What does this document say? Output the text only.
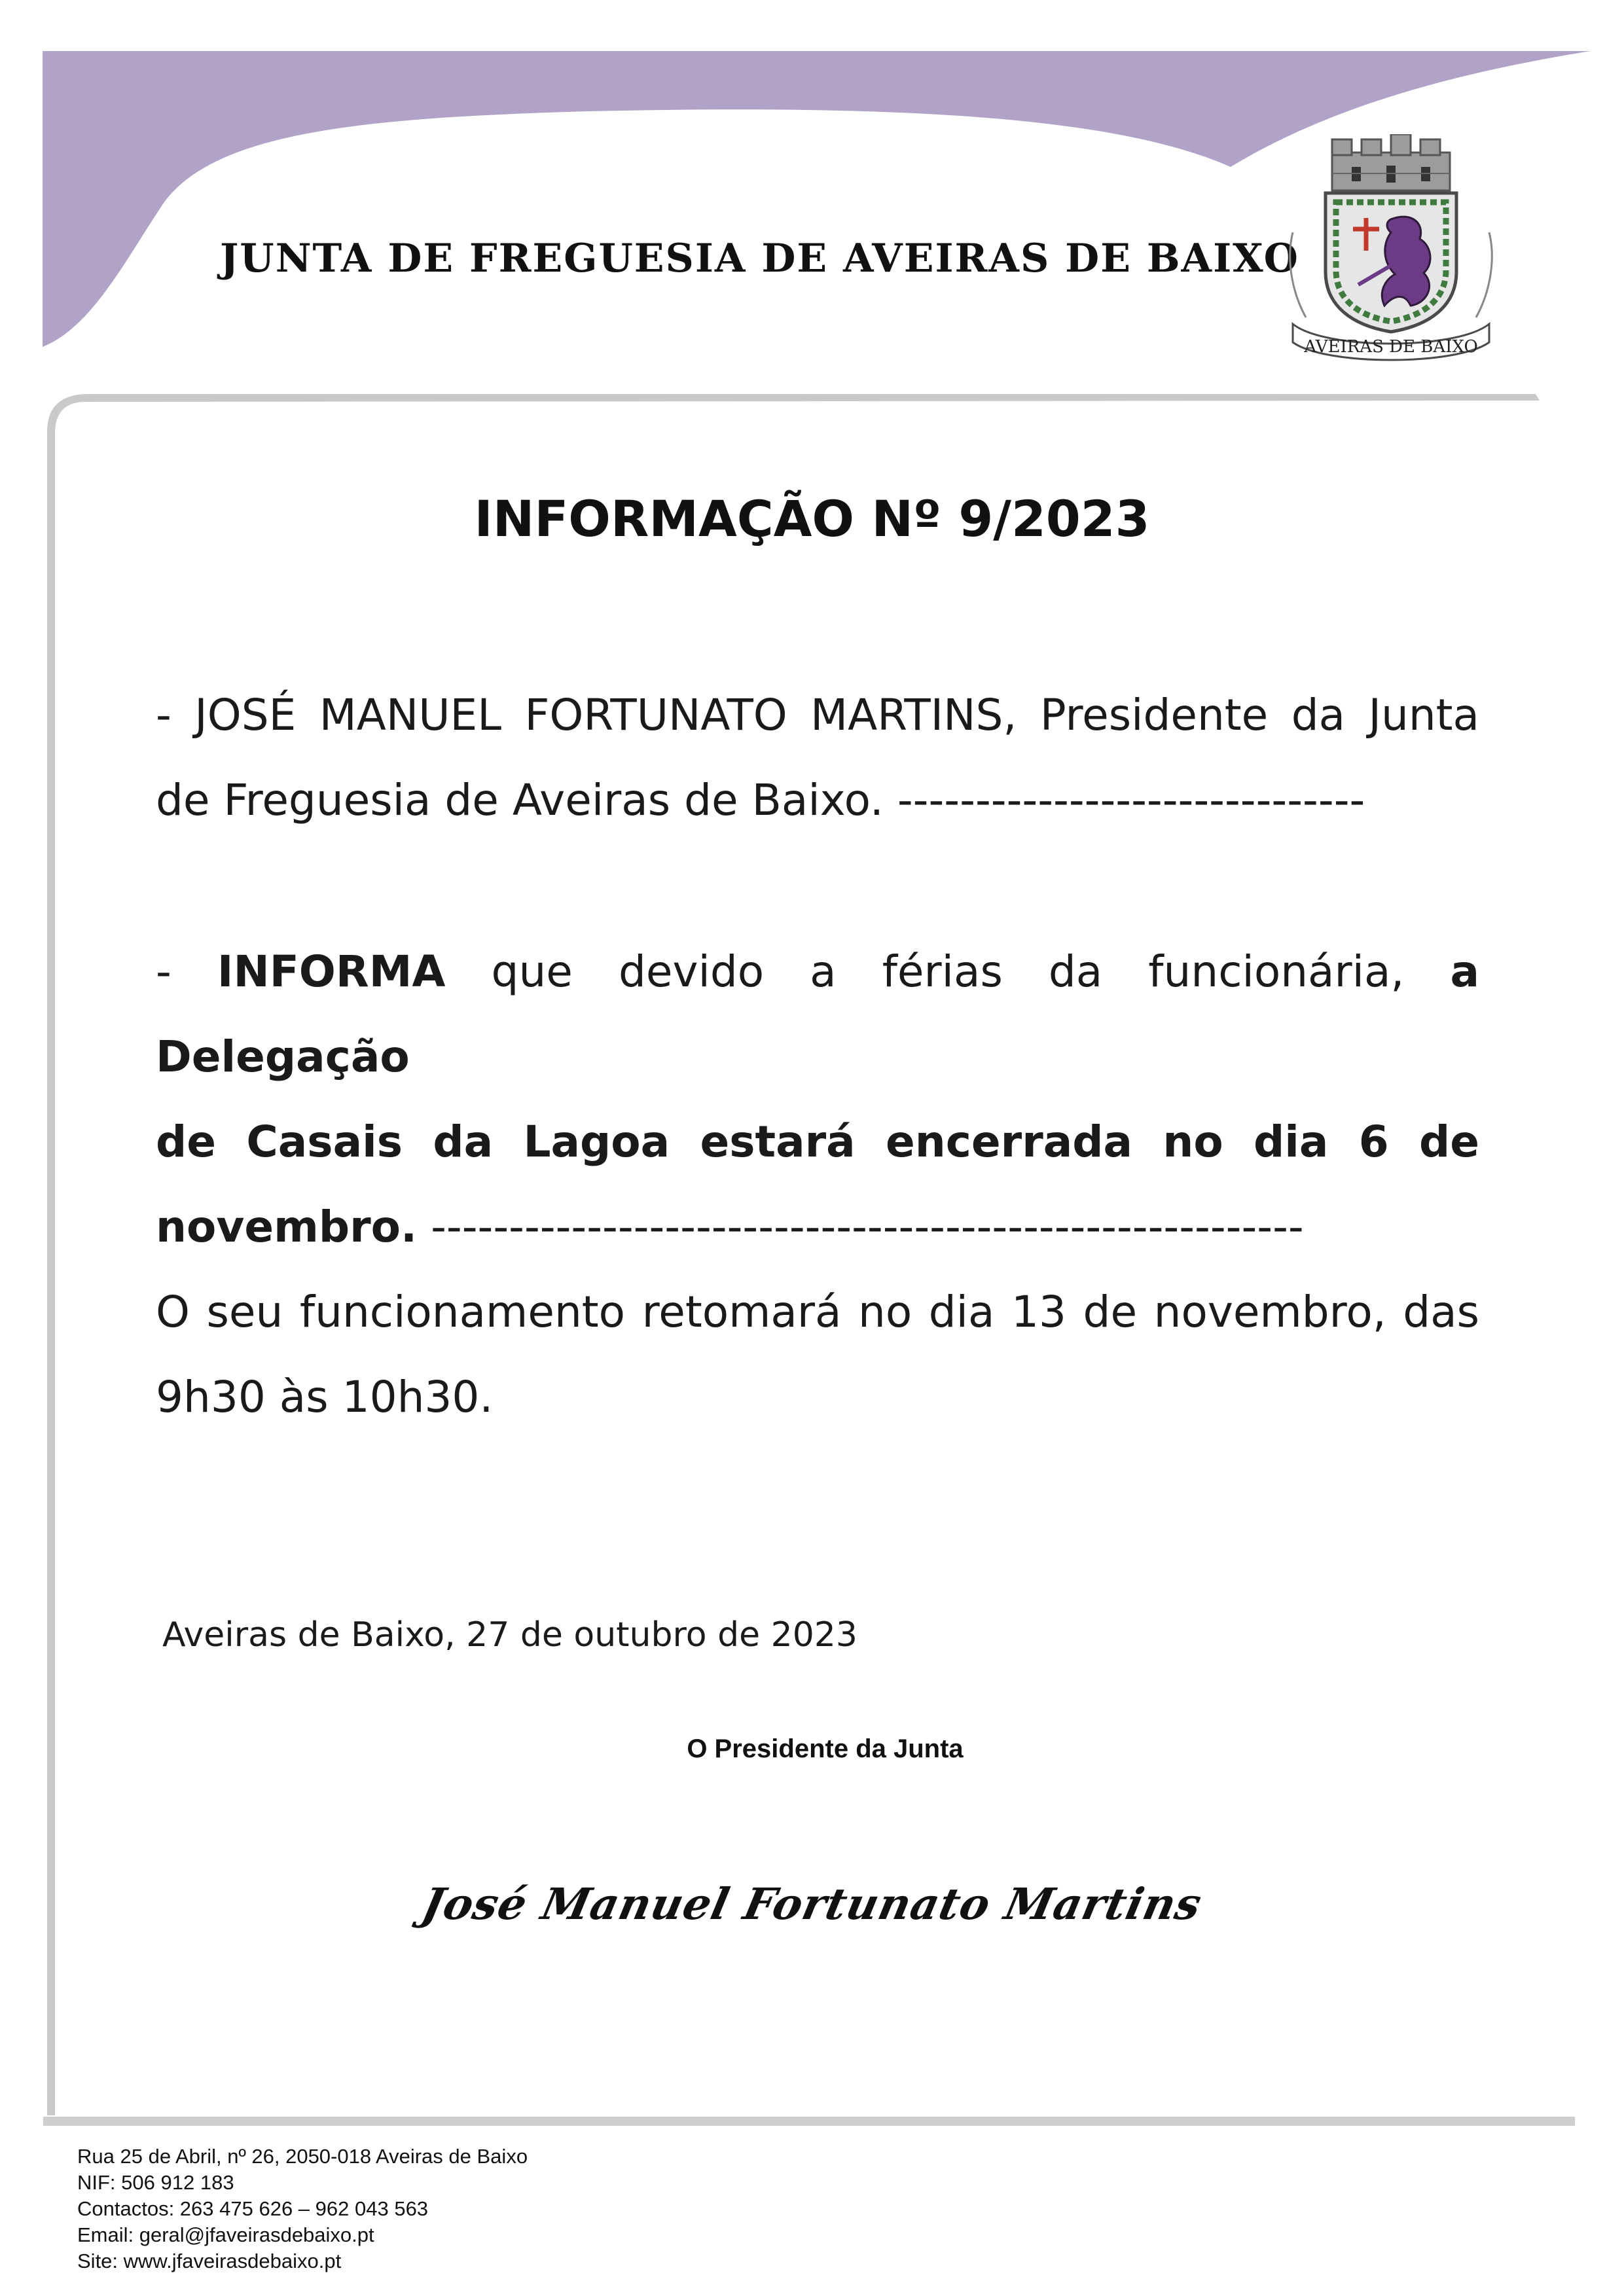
JUNTA DE FREGUESIA DE AVEIRAS DE BAIXO
AVEIRAS DE BAIXO
INFORMAÇÃO Nº 9/2023
- JOSÉ MANUEL FORTUNATO MARTINS, Presidente da Junta
de Freguesia de Aveiras de Baixo. ------------------------------
- INFORMA que devido a férias da funcionária, a Delegação
de Casais da Lagoa estará encerrada no dia 6 de
novembro. --------------------------------------------------------
O seu funcionamento retomará no dia 13 de novembro, das
9h30 às 10h30.
Aveiras de Baixo, 27 de outubro de 2023
O Presidente da Junta
José Manuel Fortunato Martins
Rua 25 de Abril, nº 26, 2050-018 Aveiras de Baixo
NIF: 506 912 183
Contactos: 263 475 626 – 962 043 563
Email: geral@jfaveirasdebaixo.pt
Site: www.jfaveirasdebaixo.pt
